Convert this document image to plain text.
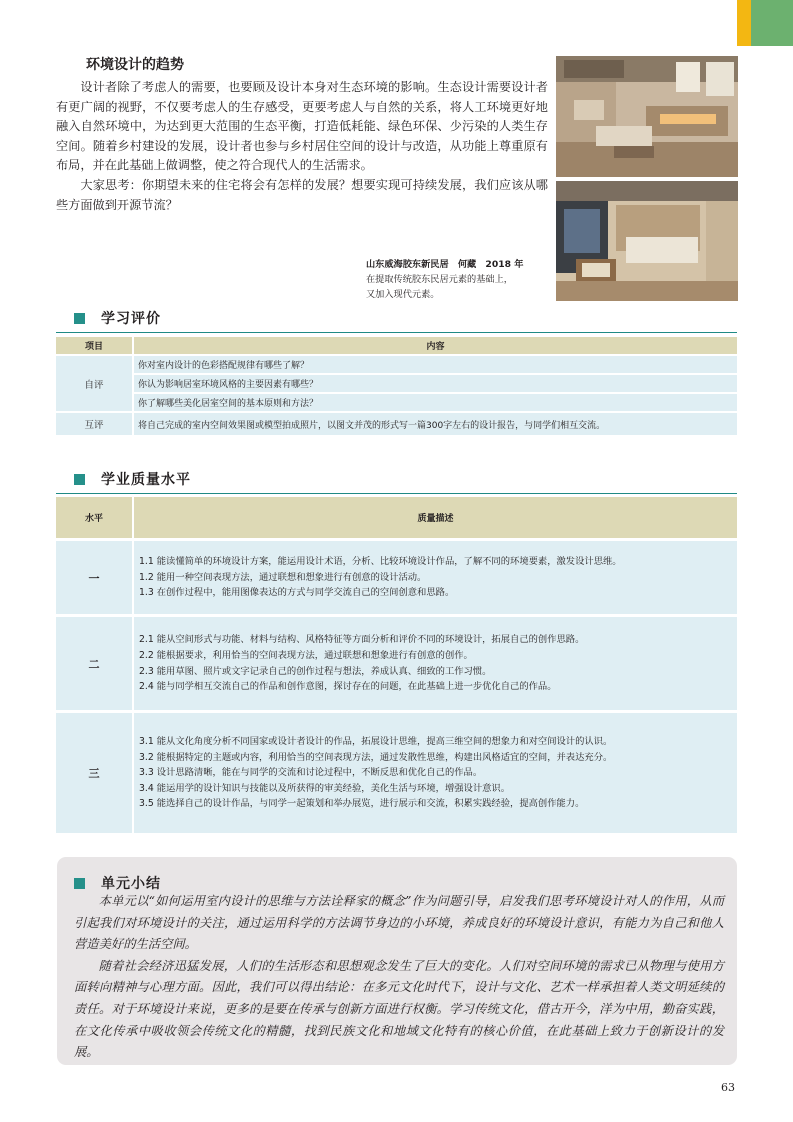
环境设计的趋势

设计者除了考虑人的需要，也要顾及设计本身对生态环境的影响。生态设计需要设计者有更广阔的视野，不仅要考虑人的生存感受，更要考虑人与自然的关系，将人工环境更好地融入自然环境中，为达到更大范围的生态平衡，打造低耗能、绿色环保、少污染的人类生存空间。随着乡村建设的发展，设计者也参与乡村居住空间的设计与改造，从功能上尊重原有布局，并在此基础上做调整，使之符合现代人的生活需求。

大家思考：你期望未来的住宅将会有怎样的发展？想要实现可持续发展，我们应该从哪些方面做到开源节流？

山东威海胶东新民居　何藏　2018 年
在提取传统胶东民居元素的基础上，
又加入现代元素。
学习评价
项目	内容
自评
你对室内设计的色彩搭配规律有哪些了解？
你认为影响居室环境风格的主要因素有哪些？
你了解哪些美化居室空间的基本原则和方法？
互评	将自己完成的室内空间效果图或模型拍成照片，以图文并茂的形式写一篇300字左右的设计报告，与同学们相互交流。
学业质量水平
水平	质量描述
一
1.1 能读懂简单的环境设计方案，能运用设计术语，分析、比较环境设计作品，了解不同的环境要素，激发设计思维。
1.2 能用一种空间表现方法，通过联想和想象进行有创意的设计活动。
1.3 在创作过程中，能用图像表达的方式与同学交流自己的空间创意和思路。
二
2.1 能从空间形式与功能、材料与结构、风格特征等方面分析和评价不同的环境设计，拓展自己的创作思路。
2.2 能根据要求，利用恰当的空间表现方法，通过联想和想象进行有创意的创作。
2.3 能用草图、照片或文字记录自己的创作过程与想法，养成认真、细致的工作习惯。
2.4 能与同学相互交流自己的作品和创作意图，探讨存在的问题，在此基础上进一步优化自己的作品。
三
3.1 能从文化角度分析不同国家或设计者设计的作品，拓展设计思维，提高三维空间的想象力和对空间设计的认识。
3.2 能根据特定的主题或内容，利用恰当的空间表现方法，通过发散性思维，构建出风格适宜的空间，并表达充分。
3.3 设计思路清晰，能在与同学的交流和讨论过程中，不断反思和优化自己的作品。
3.4 能运用学的设计知识与技能以及所获得的审美经验，美化生活与环境，增强设计意识。
3.5 能选择自己的设计作品，与同学一起策划和举办展览，进行展示和交流，积累实践经验，提高创作能力。
单元小结

本单元以“如何运用室内设计的思维与方法诠释家的概念”作为问题引导，启发我们思考环境设计对人的作用，从而引起我们对环境设计的关注，通过运用科学的方法调节身边的小环境，养成良好的环境设计意识，有能力为自己和他人营造美好的生活空间。

随着社会经济迅猛发展，人们的生活形态和思想观念发生了巨大的变化。人们对空间环境的需求已从物理与使用方面转向精神与心理方面。因此，我们可以得出结论：在多元文化时代下，设计与文化、艺术一样承担着人类文明延续的责任。对于环境设计来说，更多的是要在传承与创新方面进行权衡。学习传统文化，借古开今，洋为中用，勤奋实践，在文化传承中吸收领会传统文化的精髓，找到民族文化和地域文化特有的核心价值，在此基础上致力于创新设计的发展。

63
